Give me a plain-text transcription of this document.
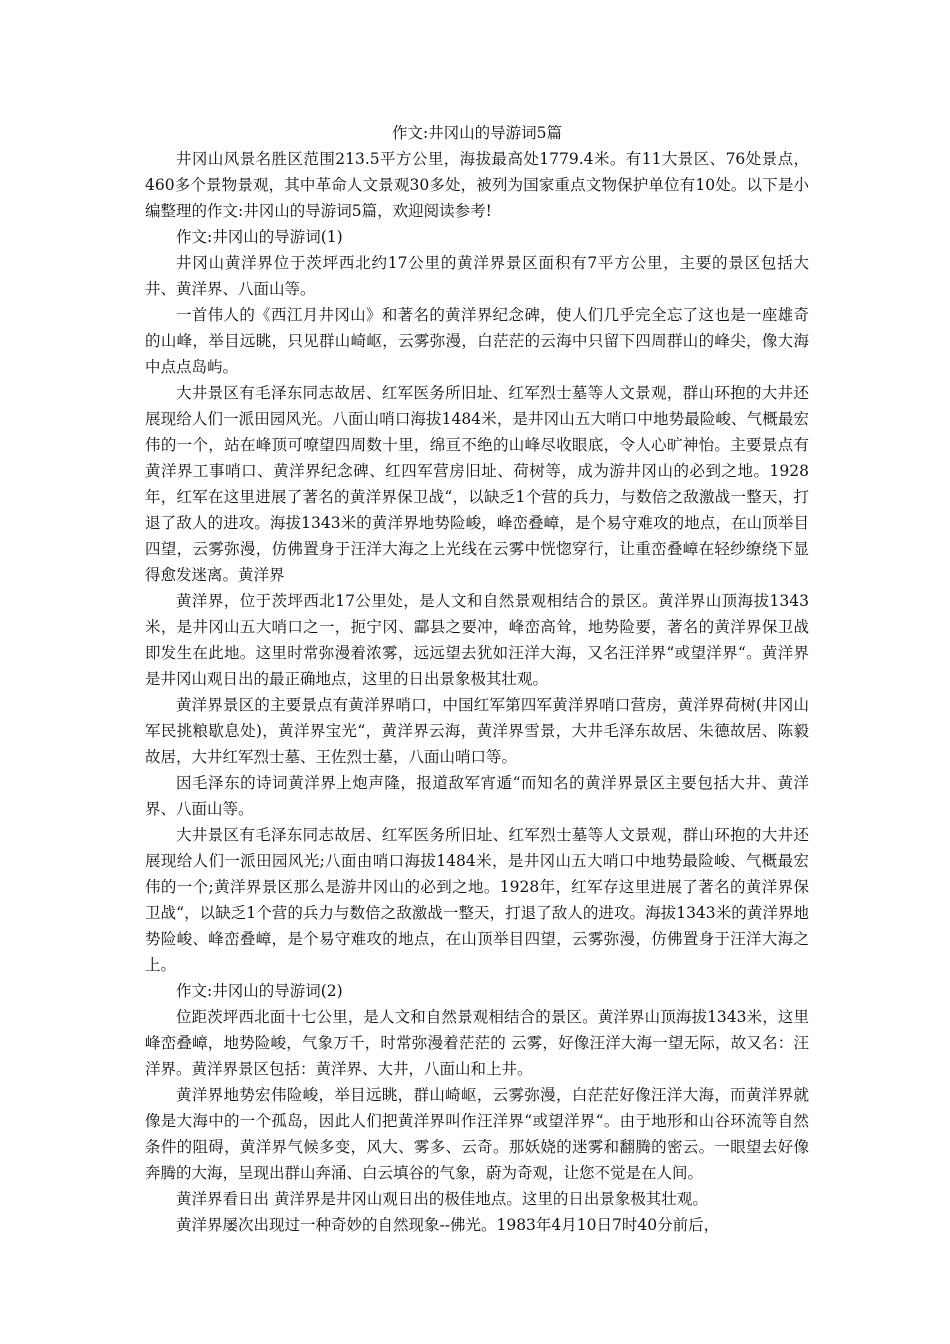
作文:井冈山的导游词5篇

井冈山风景名胜区范围213.5平方公里，海拔最高处1779.4米。有11大景区、76处景点，460多个景物景观，其中革命人文景观30多处，被列为国家重点文物保护单位有10处。以下是小编整理的作文:井冈山的导游词5篇，欢迎阅读参考!

作文:井冈山的导游词(1)

井冈山黄洋界位于茨坪西北约17公里的黄洋界景区面积有7平方公里，主要的景区包括大井、黄洋界、八面山等。

一首伟人的《西江月井冈山》和著名的黄洋界纪念碑，使人们几乎完全忘了这也是一座雄奇的山峰，举目远眺，只见群山崎岖，云雾弥漫，白茫茫的云海中只留下四周群山的峰尖，像大海中点点岛屿。

大井景区有毛泽东同志故居、红军医务所旧址、红军烈士墓等人文景观，群山环抱的大井还展现给人们一派田园风光。八面山哨口海拔1484米，是井冈山五大哨口中地势最险峻、气概最宏伟的一个，站在峰顶可嘹望四周数十里，绵亘不绝的山峰尽收眼底，令人心旷神怡。主要景点有黄洋界工事哨口、黄洋界纪念碑、红四军营房旧址、荷树等，成为游井冈山的必到之地。1928年，红军在这里进展了著名的黄洋界保卫战“，以缺乏1个营的兵力，与数倍之敌激战一整天，打退了敌人的进攻。海拔1343米的黄洋界地势险峻，峰峦叠嶂，是个易守难攻的地点，在山顶举目四望，云雾弥漫，仿佛置身于汪洋大海之上光线在云雾中恍惚穿行，让重峦叠嶂在轻纱缭绕下显得愈发迷离。黄洋界

黄洋界，位于茨坪西北17公里处，是人文和自然景观相结合的景区。黄洋界山顶海拔1343米，是井冈山五大哨口之一，扼宁冈、酃县之要冲，峰峦高耸，地势险要，著名的黄洋界保卫战即发生在此地。这里时常弥漫着浓雾，远远望去犹如汪洋大海，又名汪洋界“或望洋界“。黄洋界是井冈山观日出的最正确地点，这里的日出景象极其壮观。

黄洋界景区的主要景点有黄洋界哨口，中国红军第四军黄洋界哨口营房，黄洋界荷树(井冈山军民挑粮歇息处)，黄洋界宝光“，黄洋界云海，黄洋界雪景，大井毛泽东故居、朱德故居、陈毅故居，大井红军烈士墓、王佐烈士墓，八面山哨口等。

因毛泽东的诗词黄洋界上炮声隆，报道敌军宵遁“而知名的黄洋界景区主要包括大井、黄洋界、八面山等。

大井景区有毛泽东同志故居、红军医务所旧址、红军烈士墓等人文景观，群山环抱的大井还展现给人们一派田园风光;八面由哨口海拔1484米，是井冈山五大哨口中地势最险峻、气概最宏伟的一个;黄洋界景区那么是游井冈山的必到之地。1928年，红军存这里进展了著名的黄洋界保卫战“，以缺乏1个营的兵力与数倍之敌激战一整天，打退了敌人的进攻。海拔1343米的黄洋界地势险峻、峰峦叠嶂，是个易守难攻的地点，在山顶举目四望，云雾弥漫，仿佛置身于汪洋大海之上。

作文:井冈山的导游词(2)

位距茨坪西北面十七公里，是人文和自然景观相结合的景区。黄洋界山顶海拔1343米，这里峰峦叠嶂，地势险峻，气象万千，时常弥漫着茫茫的 云雾，好像汪洋大海一望无际，故又名：汪洋界。黄洋界景区包括：黄洋界、大井，八面山和上井。

黄洋界地势宏伟险峻，举目远眺，群山崎岖，云雾弥漫，白茫茫好像汪洋大海，而黄洋界就像是大海中的一个孤岛，因此人们把黄洋界叫作汪洋界“或望洋界“。由于地形和山谷环流等自然条件的阻碍，黄洋界气候多变，风大、雾多、云奇。那妖娆的迷雾和翻腾的密云。一眼望去好像奔腾的大海，呈现出群山奔涌、白云填谷的气象，蔚为奇观，让您不觉是在人间。

黄洋界看日出 黄洋界是井冈山观日出的极佳地点。这里的日出景象极其壮观。

黄洋界屡次出现过一种奇妙的自然现象--佛光。1983年4月10日7时40分前后，
